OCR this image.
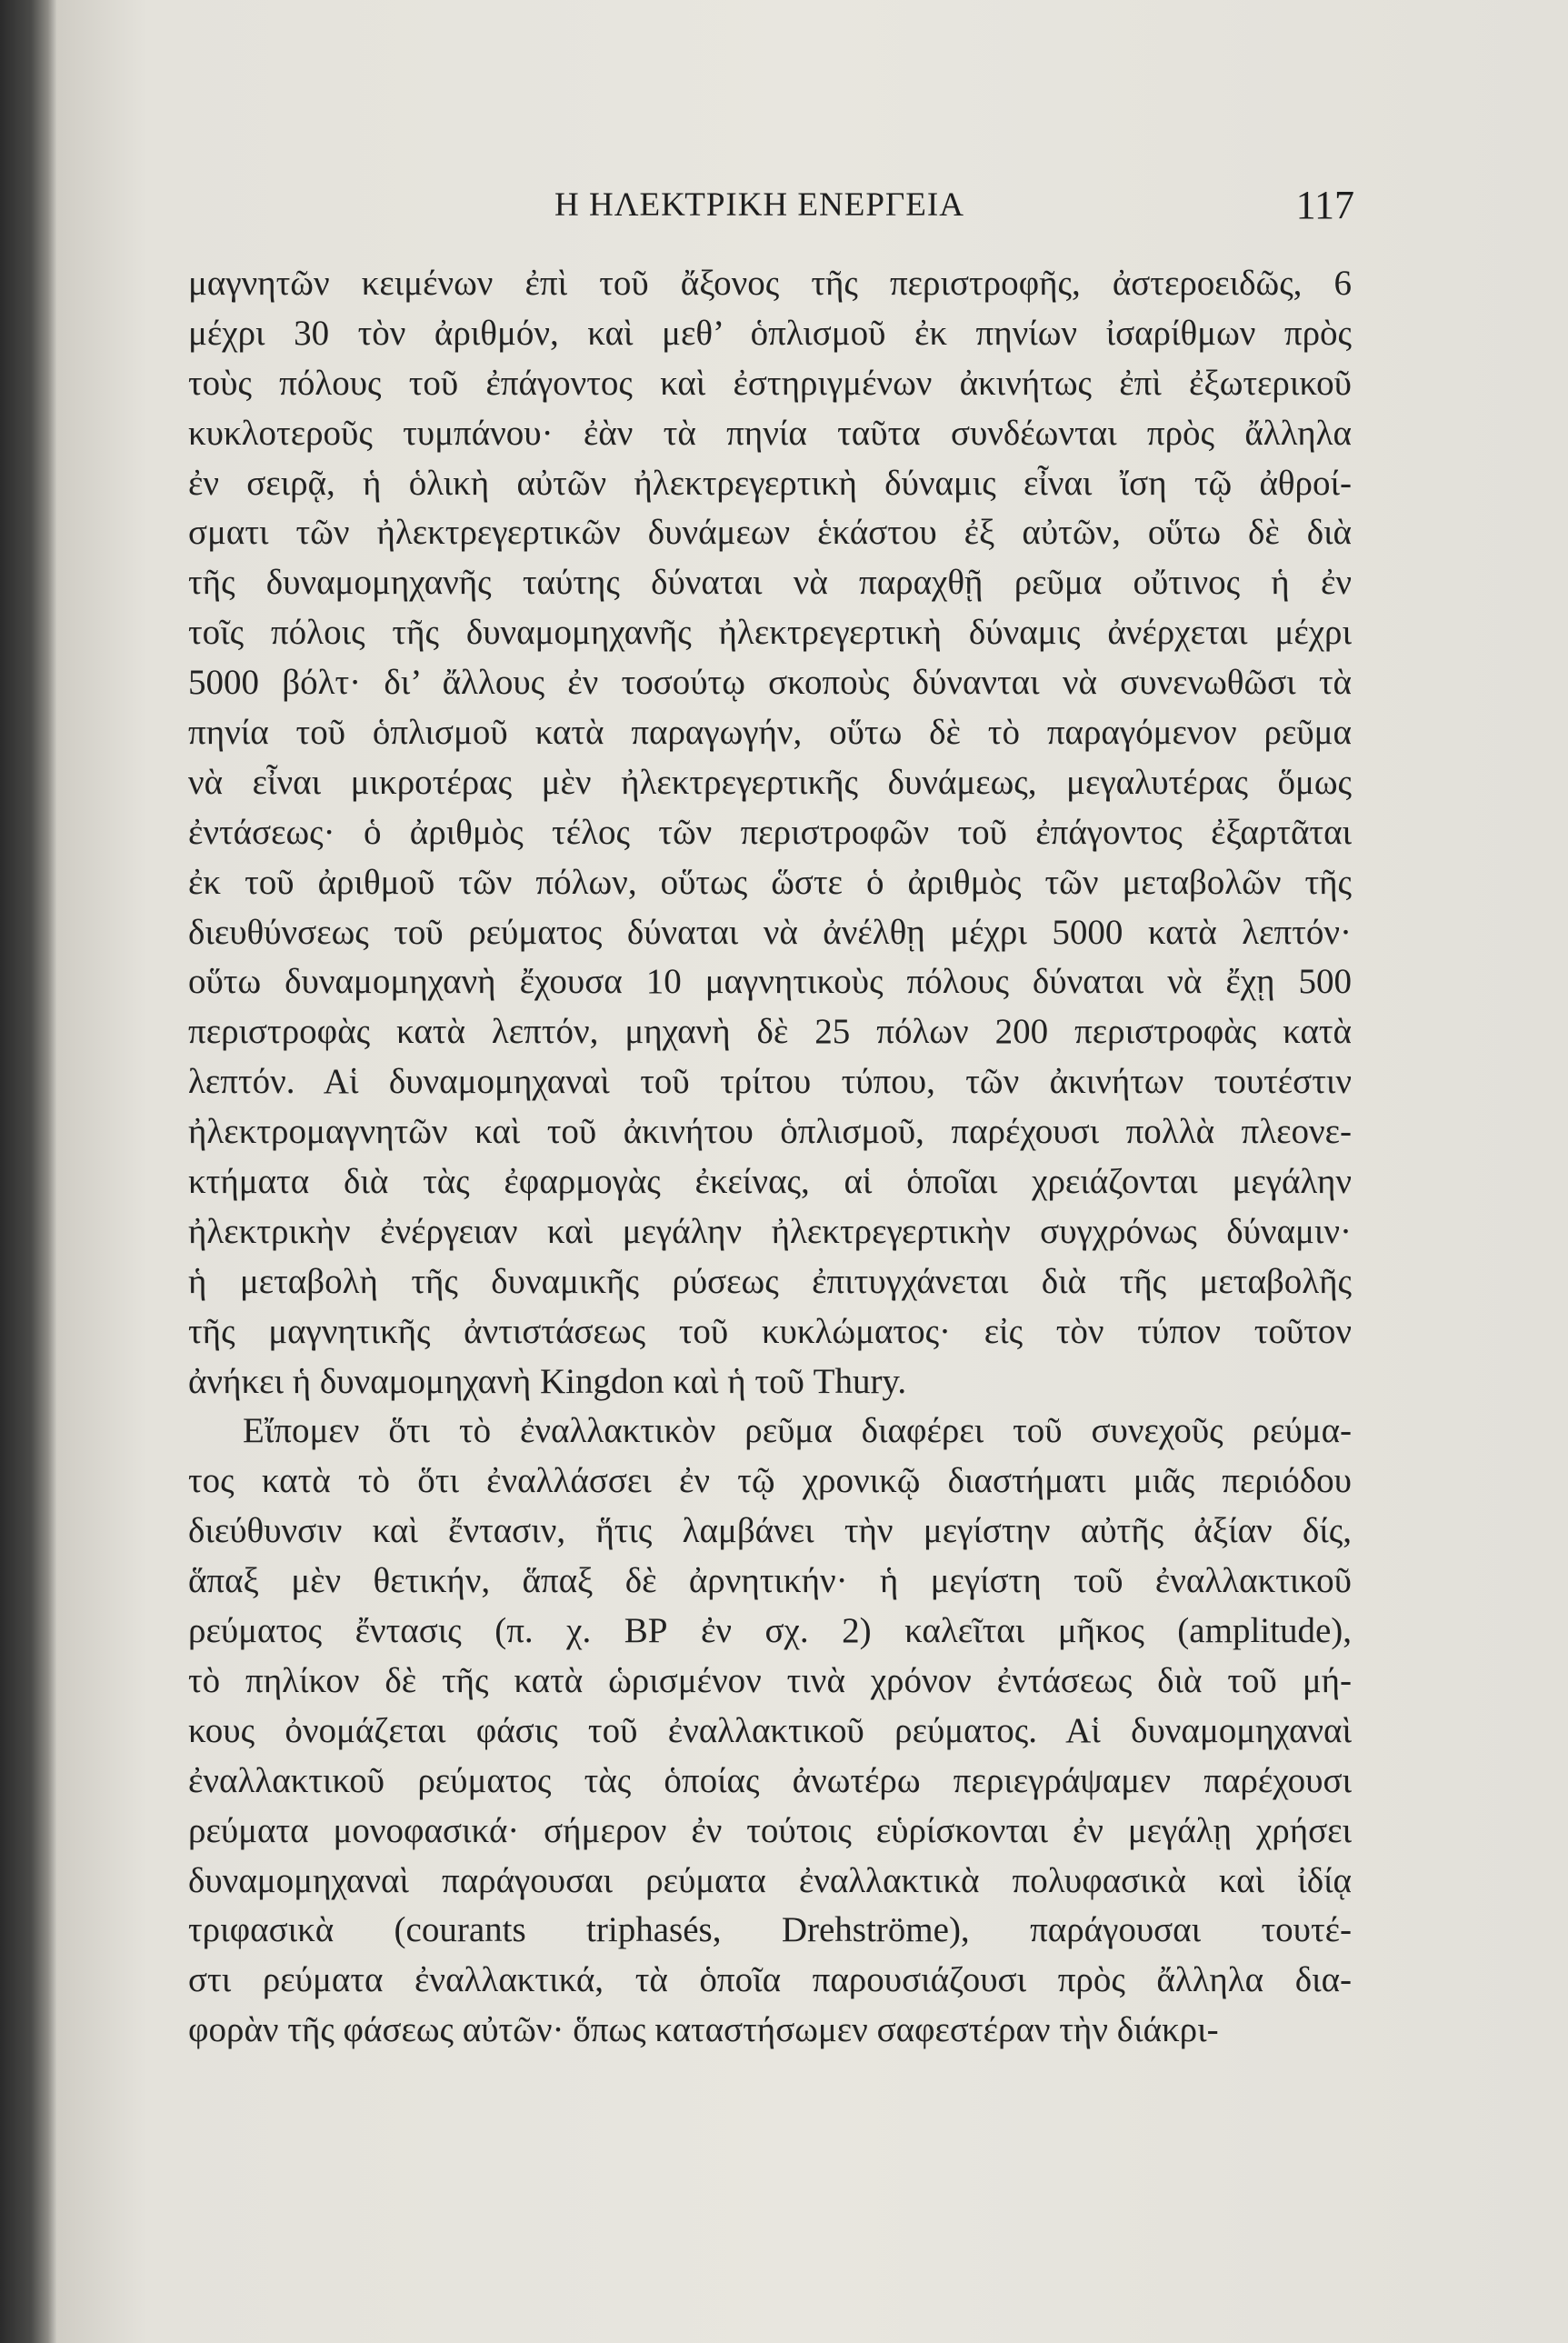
Η ΗΛΕΚΤΡΙΚΗ ΕΝΕΡΓΕΙΑ	117
μαγνητῶν κειμένων ἐπὶ τοῦ ἄξονος τῆς περιστροφῆς, ἀστεροειδῶς, 6
μέχρι 30 τὸν ἀριθμόν, καὶ μεθ’ ὁπλισμοῦ ἐκ πηνίων ἰσαρίθμων πρὸς
τοὺς πόλους τοῦ ἐπάγοντος καὶ ἐστηριγμένων ἀκινήτως ἐπὶ ἐξωτερικοῦ
κυκλοτεροῦς τυμπάνου· ἐὰν τὰ πηνία ταῦτα συνδέωνται πρὸς ἄλληλα
ἐν σειρᾷ, ἡ ὁλικὴ αὐτῶν ἠλεκτρεγερτικὴ δύναμις εἶναι ἴση τῷ ἀθροί-
σματι τῶν ἠλεκτρεγερτικῶν δυνάμεων ἑκάστου ἐξ αὐτῶν, οὕτω δὲ διὰ
τῆς δυναμομηχανῆς ταύτης δύναται νὰ παραχθῇ ρεῦμα οὔτινος ἡ ἐν
τοῖς πόλοις τῆς δυναμομηχανῆς ἠλεκτρεγερτικὴ δύναμις ἀνέρχεται μέχρι
5000 βόλτ· δι’ ἄλλους ἐν τοσούτῳ σκοποὺς δύνανται νὰ συνενωθῶσι τὰ
πηνία τοῦ ὁπλισμοῦ κατὰ παραγωγήν, οὕτω δὲ τὸ παραγόμενον ρεῦμα
νὰ εἶναι μικροτέρας μὲν ἠλεκτρεγερτικῆς δυνάμεως, μεγαλυτέρας ὅμως
ἐντάσεως· ὁ ἀριθμὸς τέλος τῶν περιστροφῶν τοῦ ἐπάγοντος ἐξαρτᾶται
ἐκ τοῦ ἀριθμοῦ τῶν πόλων, οὕτως ὥστε ὁ ἀριθμὸς τῶν μεταβολῶν τῆς
διευθύνσεως τοῦ ρεύματος δύναται νὰ ἀνέλθῃ μέχρι 5000 κατὰ λεπτόν·
οὕτω δυναμομηχανὴ ἔχουσα 10 μαγνητικοὺς πόλους δύναται νὰ ἔχῃ 500
περιστροφὰς κατὰ λεπτόν, μηχανὴ δὲ 25 πόλων 200 περιστροφὰς κατὰ
λεπτόν. Αἱ δυναμομηχαναὶ τοῦ τρίτου τύπου, τῶν ἀκινήτων τουτέστιν
ἠλεκτρομαγνητῶν καὶ τοῦ ἀκινήτου ὁπλισμοῦ, παρέχουσι πολλὰ πλεονε-
κτήματα διὰ τὰς ἐφαρμογὰς ἐκείνας, αἱ ὁποῖαι χρειάζονται μεγάλην
ἠλεκτρικὴν ἐνέργειαν καὶ μεγάλην ἠλεκτρεγερτικὴν συγχρόνως δύναμιν·
ἡ μεταβολὴ τῆς δυναμικῆς ρύσεως ἐπιτυγχάνεται διὰ τῆς μεταβολῆς
τῆς μαγνητικῆς ἀντιστάσεως τοῦ κυκλώματος· εἰς τὸν τύπον τοῦτον
ἀνήκει ἡ δυναμομηχανὴ Kingdon καὶ ἡ τοῦ Thury.
Εἴπομεν ὅτι τὸ ἐναλλακτικὸν ρεῦμα διαφέρει τοῦ συνεχοῦς ρεύμα-
τος κατὰ τὸ ὅτι ἐναλλάσσει ἐν τῷ χρονικῷ διαστήματι μιᾶς περιόδου
διεύθυνσιν καὶ ἔντασιν, ἥτις λαμβάνει τὴν μεγίστην αὐτῆς ἀξίαν δίς,
ἅπαξ μὲν θετικήν, ἅπαξ δὲ ἀρνητικήν· ἡ μεγίστη τοῦ ἐναλλακτικοῦ
ρεύματος ἔντασις (π. χ. ΒΡ ἐν σχ. 2) καλεῖται μῆκος (amplitude),
τὸ πηλίκον δὲ τῆς κατὰ ὡρισμένον τινὰ χρόνον ἐντάσεως διὰ τοῦ μή-
κους ὀνομάζεται φάσις τοῦ ἐναλλακτικοῦ ρεύματος. Αἱ δυναμομηχαναὶ
ἐναλλακτικοῦ ρεύματος τὰς ὁποίας ἀνωτέρω περιεγράψαμεν παρέχουσι
ρεύματα μονοφασικά· σήμερον ἐν τούτοις εὑρίσκονται ἐν μεγάλῃ χρήσει
δυναμομηχαναὶ παράγουσαι ρεύματα ἐναλλακτικὰ πολυφασικὰ καὶ ἰδίᾳ
τριφασικὰ (courants triphasés, Drehströme), παράγουσαι τουτέ-
στι ρεύματα ἐναλλακτικά, τὰ ὁποῖα παρουσιάζουσι πρὸς ἄλληλα δια-
φορὰν τῆς φάσεως αὐτῶν· ὅπως καταστήσωμεν σαφεστέραν τὴν διάκρι-
